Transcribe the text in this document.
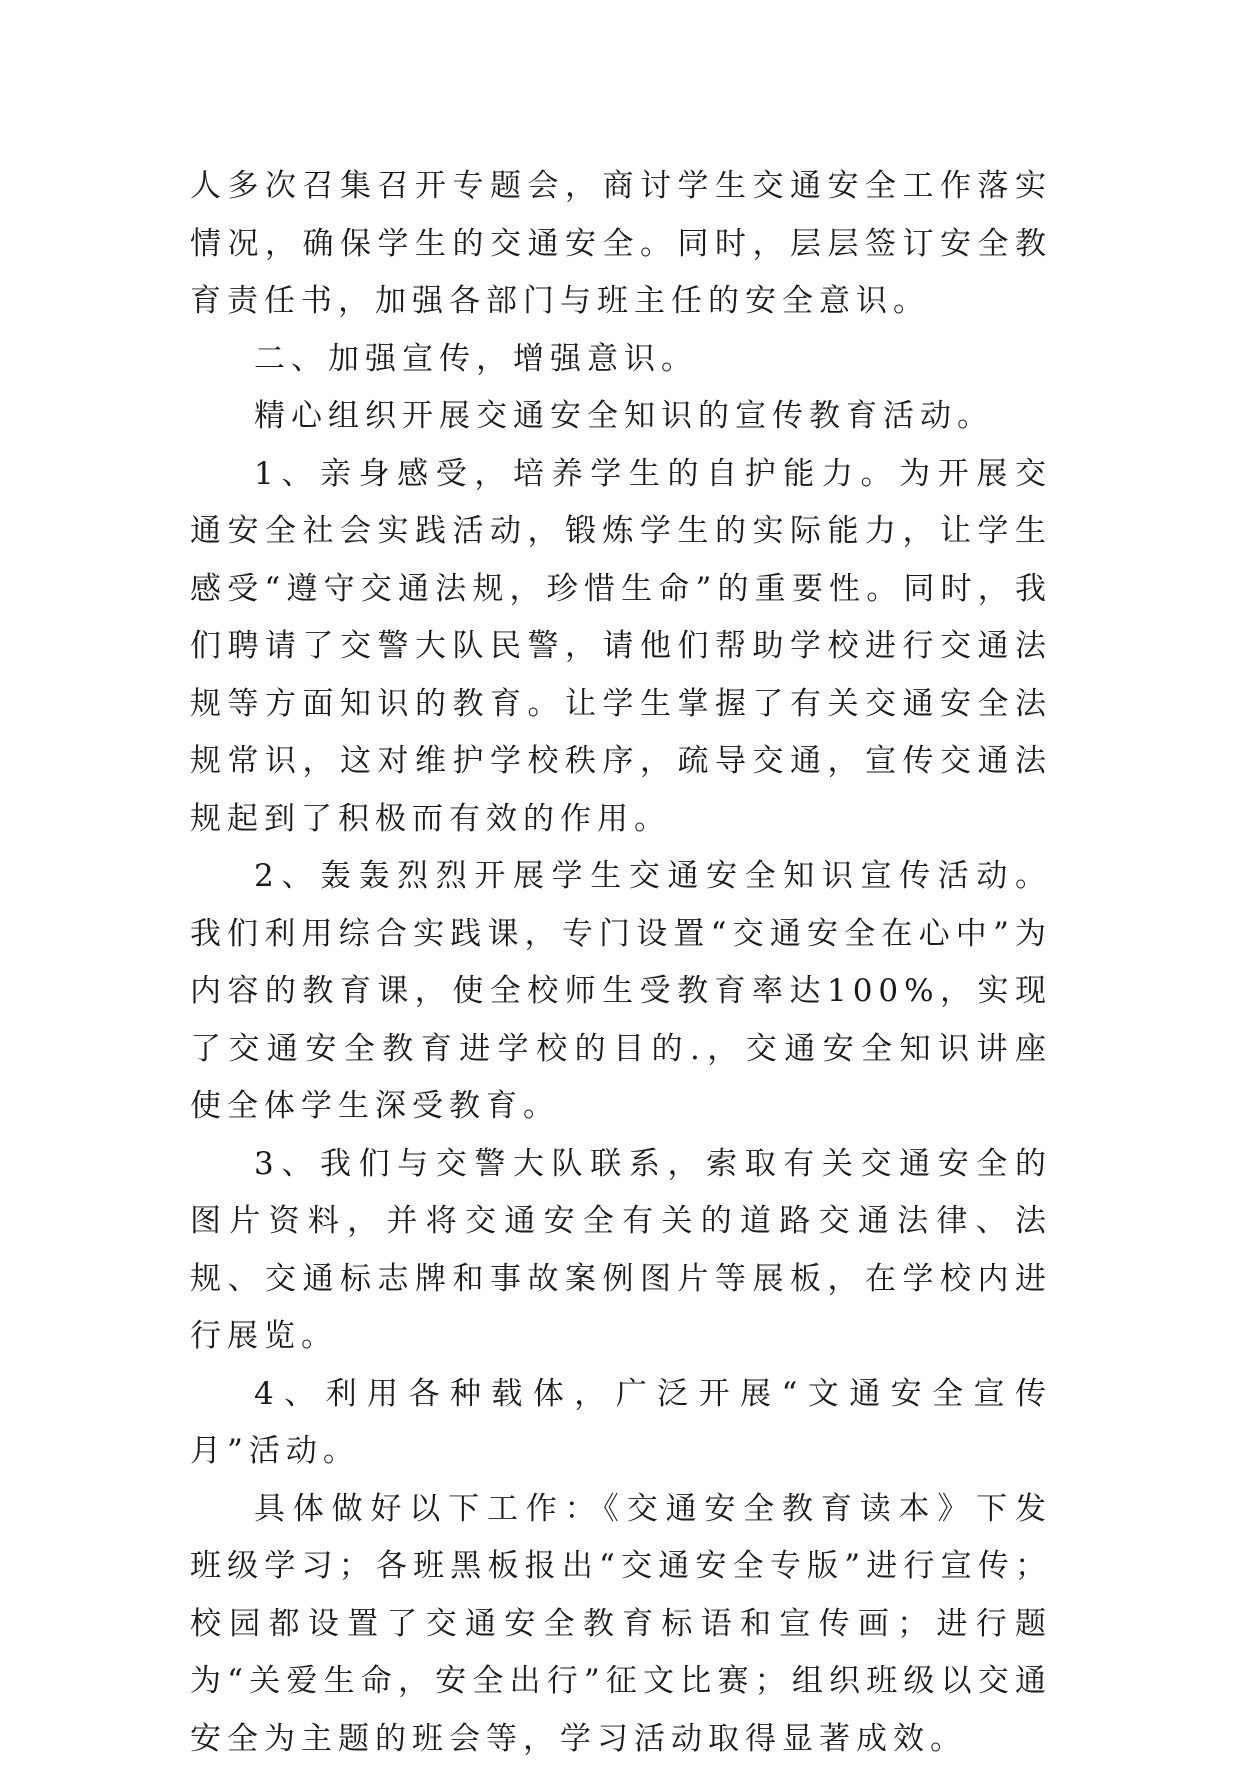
人多次召集召开专题会，商讨学生交通安全工作落实情况，确保学生的交通安全。同时，层层签订安全教育责任书，加强各部门与班主任的安全意识。

二、加强宣传，增强意识。

精心组织开展交通安全知识的宣传教育活动。

1、亲身感受，培养学生的自护能力。为开展交通安全社会实践活动，锻炼学生的实际能力，让学生感受“遵守交通法规，珍惜生命”的重要性。同时，我们聘请了交警大队民警，请他们帮助学校进行交通法规等方面知识的教育。让学生掌握了有关交通安全法规常识，这对维护学校秩序，疏导交通，宣传交通法规起到了积极而有效的作用。

2、轰轰烈烈开展学生交通安全知识宣传活动。我们利用综合实践课，专门设置“交通安全在心中”为内容的教育课，使全校师生受教育率达100%，实现了交通安全教育进学校的目的.，交通安全知识讲座使全体学生深受教育。

3、我们与交警大队联系，索取有关交通安全的图片资料，并将交通安全有关的道路交通法律、法规、交通标志牌和事故案例图片等展板，在学校内进行展览。

4、利用各种载体，广泛开展“文通安全宣传月”活动。

具体做好以下工作：《交通安全教育读本》下发班级学习；各班黑板报出“交通安全专版”进行宣传；校园都设置了交通安全教育标语和宣传画；进行题为“关爱生命，安全出行”征文比赛；组织班级以交通安全为主题的班会等，学习活动取得显著成效。
